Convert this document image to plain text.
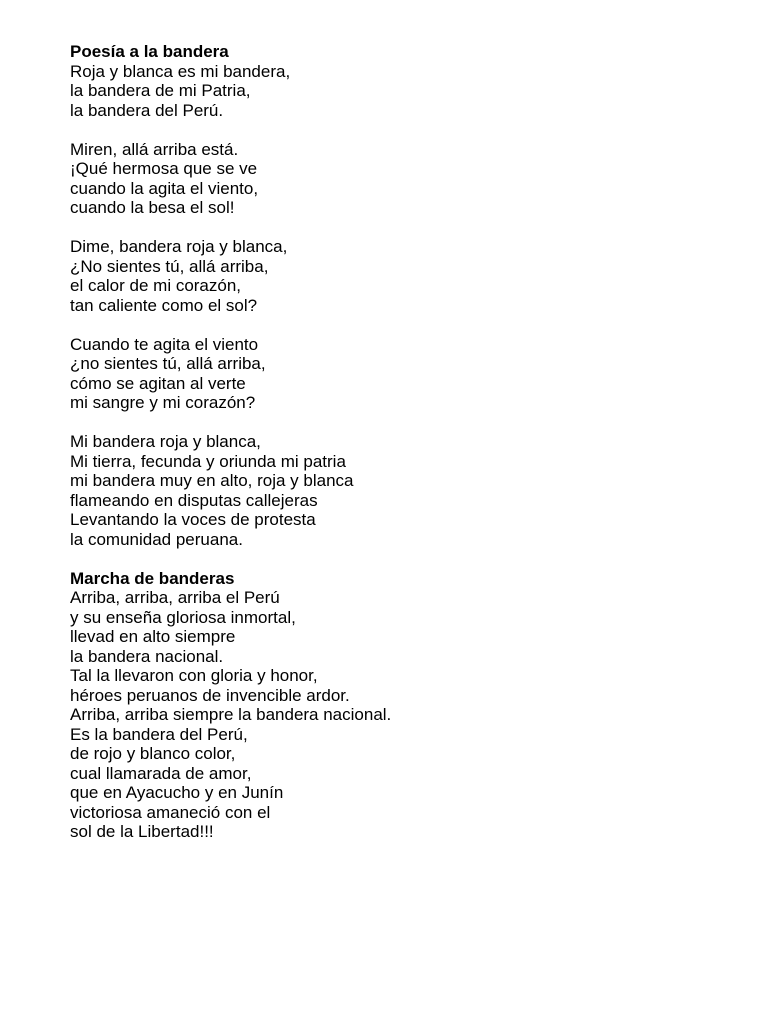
Poesía a la bandera

Roja y blanca es mi bandera,

la bandera de mi Patria,

la bandera del Perú.

Miren, allá arriba está.

¡Qué hermosa que se ve

cuando la agita el viento,

cuando la besa el sol!

Dime, bandera roja y blanca,

¿No sientes tú, allá arriba,

el calor de mi corazón,

tan caliente como el sol?

Cuando te agita el viento

¿no sientes tú, allá arriba,

cómo se agitan al verte

mi sangre y mi corazón?

Mi bandera roja y blanca,

Mi tierra, fecunda y oriunda mi patria

mi bandera muy en alto, roja y blanca

flameando en disputas callejeras

Levantando la voces de protesta

la comunidad peruana.

Marcha de banderas

Arriba, arriba, arriba el Perú

y su enseña gloriosa inmortal,

llevad en alto siempre

la bandera nacional.

Tal la llevaron con gloria y honor,

héroes peruanos de invencible ardor.

Arriba, arriba siempre la bandera nacional.

Es la bandera del Perú,

de rojo y blanco color,

cual llamarada de amor,

que en Ayacucho y en Junín

victoriosa amaneció con el

sol de la Libertad!!!
